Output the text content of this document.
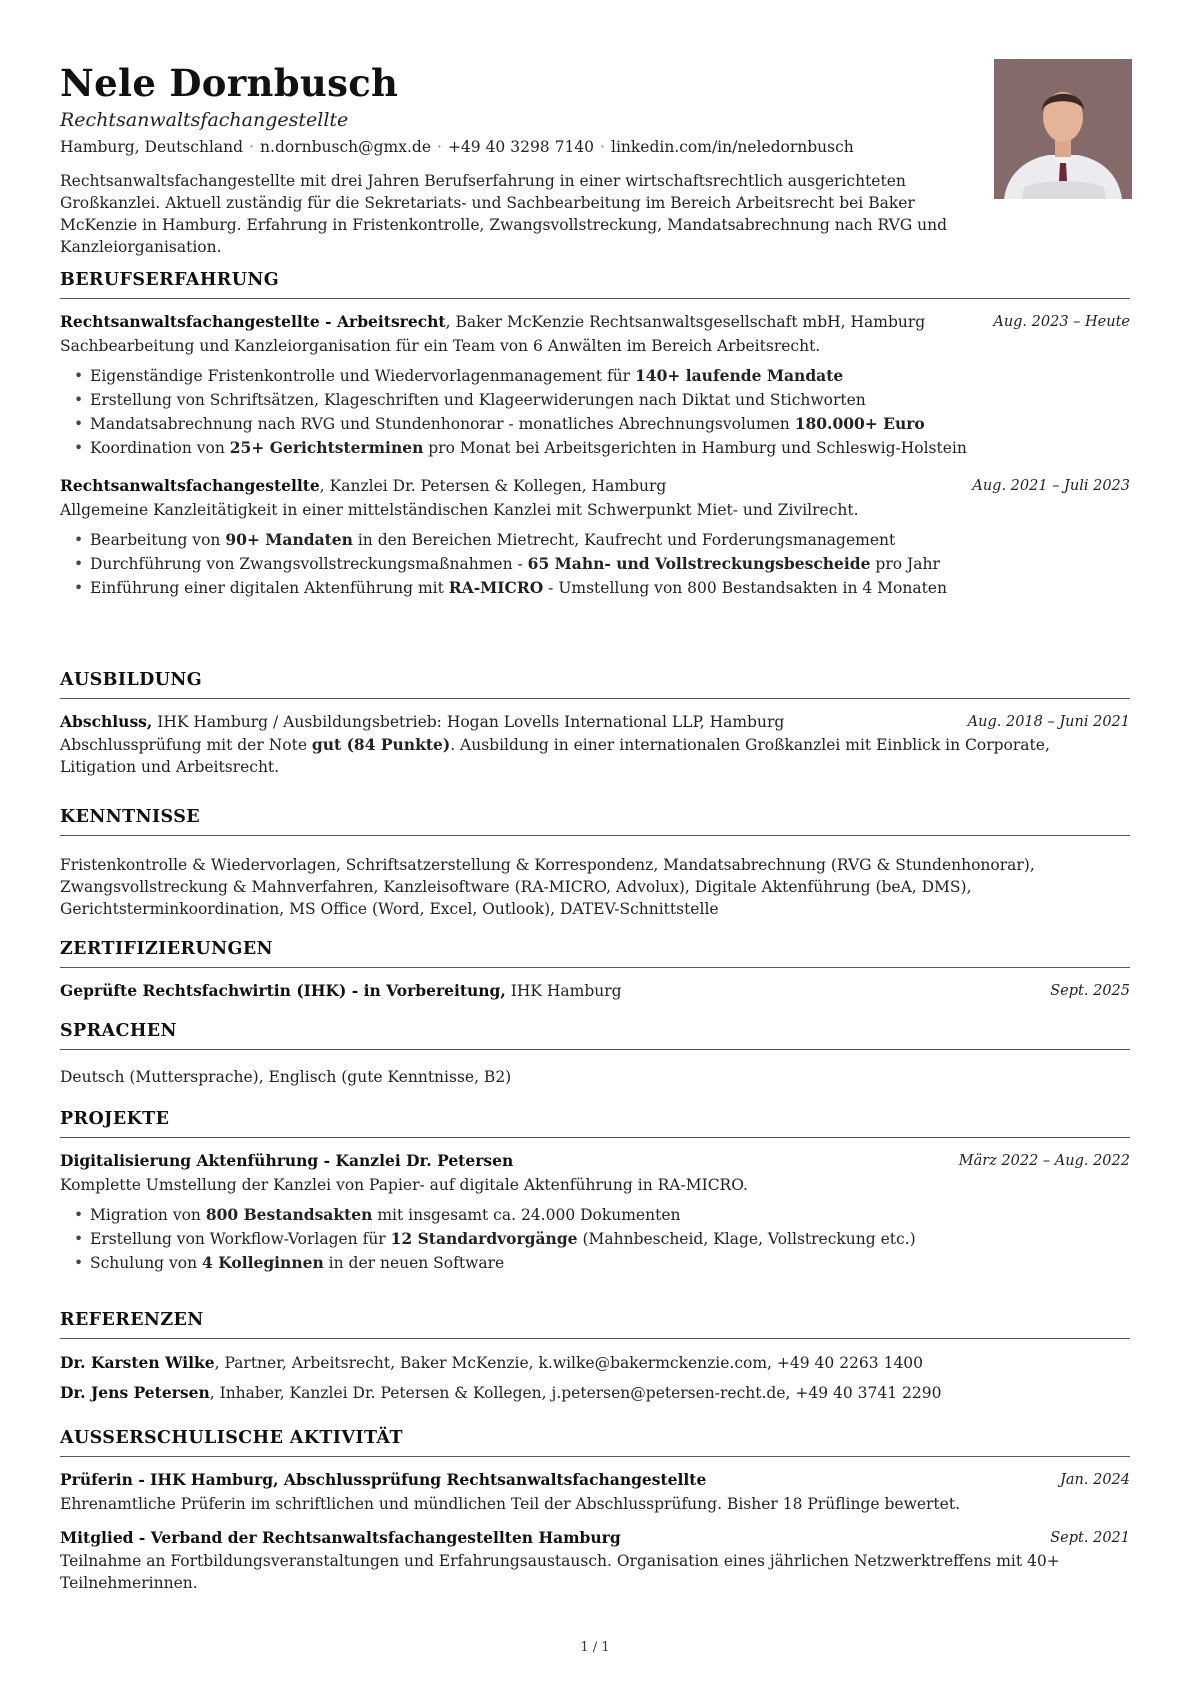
Nele Dornbusch
Rechtsanwaltsfachangestellte
Hamburg, Deutschland · n.dornbusch@gmx.de · +49 40 3298 7140 · linkedin.com/in/neledornbusch
Rechtsanwaltsfachangestellte mit drei Jahren Berufserfahrung in einer wirtschaftsrechtlich ausgerichteten Großkanzlei. Aktuell zuständig für die Sekretariats- und Sachbearbeitung im Bereich Arbeitsrecht bei Baker McKenzie in Hamburg. Erfahrung in Fristenkontrolle, Zwangsvollstreckung, Mandatsabrechnung nach RVG und Kanzleiorganisation.
BERUFSERFAHRUNG
Rechtsanwaltsfachangestellte - Arbeitsrecht, Baker McKenzie Rechtsanwaltsgesellschaft mbH, Hamburg	Aug. 2023 – Heute
Sachbearbeitung und Kanzleiorganisation für ein Team von 6 Anwälten im Bereich Arbeitsrecht.
• Eigenständige Fristenkontrolle und Wiedervorlagenmanagement für 140+ laufende Mandate
• Erstellung von Schriftsätzen, Klageschriften und Klageerwiderungen nach Diktat und Stichworten
• Mandatsabrechnung nach RVG und Stundenhonorar - monatliches Abrechnungsvolumen 180.000+ Euro
• Koordination von 25+ Gerichtsterminen pro Monat bei Arbeitsgerichten in Hamburg und Schleswig-Holstein
Rechtsanwaltsfachangestellte, Kanzlei Dr. Petersen & Kollegen, Hamburg	Aug. 2021 – Juli 2023
Allgemeine Kanzleitätigkeit in einer mittelständischen Kanzlei mit Schwerpunkt Miet- und Zivilrecht.
• Bearbeitung von 90+ Mandaten in den Bereichen Mietrecht, Kaufrecht und Forderungsmanagement
• Durchführung von Zwangsvollstreckungsmaßnahmen - 65 Mahn- und Vollstreckungsbescheide pro Jahr
• Einführung einer digitalen Aktenführung mit RA-MICRO - Umstellung von 800 Bestandsakten in 4 Monaten
AUSBILDUNG
Abschluss, IHK Hamburg / Ausbildungsbetrieb: Hogan Lovells International LLP, Hamburg	Aug. 2018 – Juni 2021
Abschlussprüfung mit der Note gut (84 Punkte). Ausbildung in einer internationalen Großkanzlei mit Einblick in Corporate, Litigation und Arbeitsrecht.
KENNTNISSE
Fristenkontrolle & Wiedervorlagen, Schriftsatzerstellung & Korrespondenz, Mandatsabrechnung (RVG & Stundenhonorar), Zwangsvollstreckung & Mahnverfahren, Kanzleisoftware (RA-MICRO, Advolux), Digitale Aktenführung (beA, DMS), Gerichtsterminkoordination, MS Office (Word, Excel, Outlook), DATEV-Schnittstelle
ZERTIFIZIERUNGEN
Geprüfte Rechtsfachwirtin (IHK) - in Vorbereitung, IHK Hamburg	Sept. 2025
SPRACHEN
Deutsch (Muttersprache), Englisch (gute Kenntnisse, B2)
PROJEKTE
Digitalisierung Aktenführung - Kanzlei Dr. Petersen	März 2022 – Aug. 2022
Komplette Umstellung der Kanzlei von Papier- auf digitale Aktenführung in RA-MICRO.
• Migration von 800 Bestandsakten mit insgesamt ca. 24.000 Dokumenten
• Erstellung von Workflow-Vorlagen für 12 Standardvorgänge (Mahnbescheid, Klage, Vollstreckung etc.)
• Schulung von 4 Kolleginnen in der neuen Software
REFERENZEN
Dr. Karsten Wilke, Partner, Arbeitsrecht, Baker McKenzie, k.wilke@bakermckenzie.com, +49 40 2263 1400
Dr. Jens Petersen, Inhaber, Kanzlei Dr. Petersen & Kollegen, j.petersen@petersen-recht.de, +49 40 3741 2290
AUSSERSCHULISCHE AKTIVITÄT
Prüferin - IHK Hamburg, Abschlussprüfung Rechtsanwaltsfachangestellte	Jan. 2024
Ehrenamtliche Prüferin im schriftlichen und mündlichen Teil der Abschlussprüfung. Bisher 18 Prüflinge bewertet.
Mitglied - Verband der Rechtsanwaltsfachangestellten Hamburg	Sept. 2021
Teilnahme an Fortbildungsveranstaltungen und Erfahrungsaustausch. Organisation eines jährlichen Netzwerktreffens mit 40+ Teilnehmerinnen.
1 / 1
